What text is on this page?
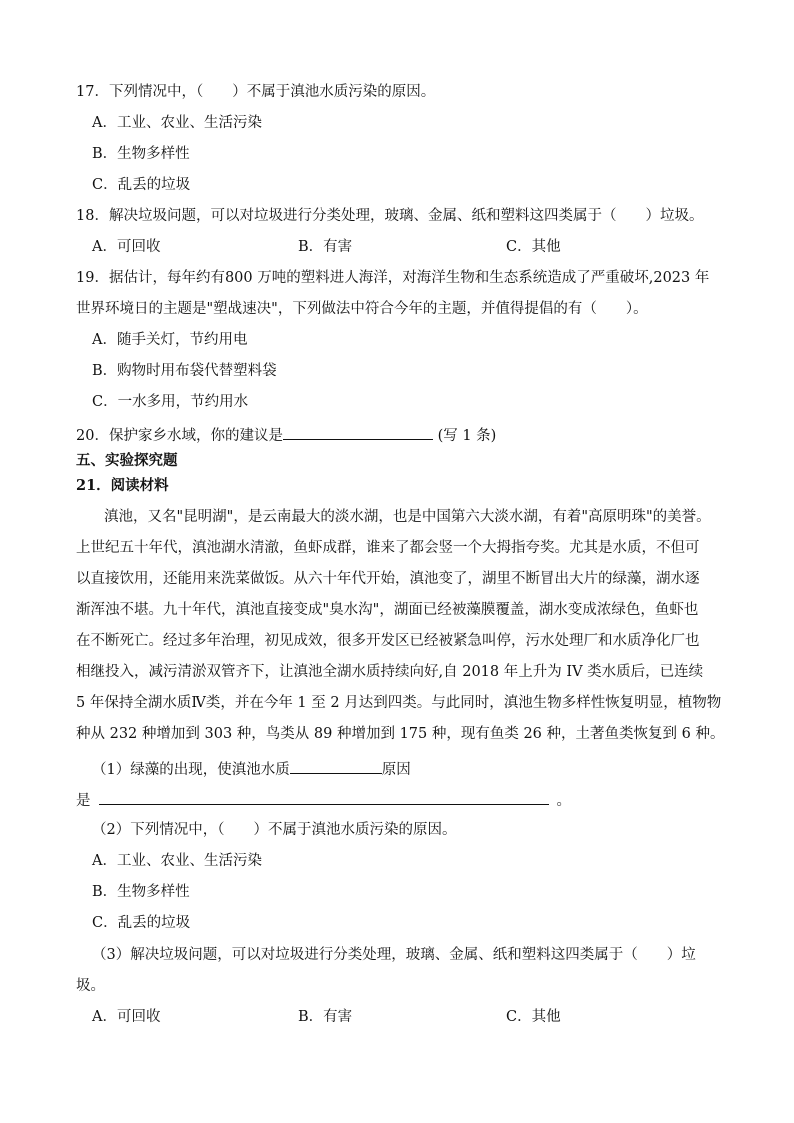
17．下列情况中，（　　）不属于滇池水质污染的原因。
A．工业、农业、生活污染
B．生物多样性
C．乱丢的垃圾
18．解决垃圾问题，可以对垃圾进行分类处理，玻璃、金属、纸和塑料这四类属于（　　）垃圾。
A．可回收	B．有害	C．其他
19．据估计，每年约有800 万吨的塑料进人海洋，对海洋生物和生态系统造成了严重破坏,2023 年
世界环境日的主题是"塑战速决"，下列做法中符合今年的主题，并值得提倡的有（　　）。
A．随手关灯，节约用电
B．购物时用布袋代替塑料袋
C．一水多用，节约用水
20．保护家乡水域，你的建议是	(写 1 条)
五、实验探究题
21．阅读材料
滇池，又名"昆明湖"，是云南最大的淡水湖，也是中国第六大淡水湖，有着"高原明珠"的美誉。
上世纪五十年代，滇池湖水清澈，鱼虾成群，谁来了都会竖一个大拇指夸奖。尤其是水质，不但可
以直接饮用，还能用来洗菜做饭。从六十年代开始，滇池变了，湖里不断冒出大片的绿藻，湖水逐
渐浑浊不堪。九十年代，滇池直接变成"臭水沟"，湖面已经被藻膜覆盖，湖水变成浓绿色，鱼虾也
在不断死亡。经过多年治理，初见成效，很多开发区已经被紧急叫停，污水处理厂和水质净化厂也
相继投入，减污清淤双管齐下，让滇池全湖水质持续向好,自 2018 年上升为 IV 类水质后，已连续
5 年保持全湖水质Ⅳ类，并在今年 1 至 2 月达到四类。与此同时，滇池生物多样性恢复明显，植物物
种从 232 种增加到 303 种，鸟类从 89 种增加到 175 种，现有鱼类 26 种，土著鱼类恢复到 6 种。
（1）绿藻的出现，使滇池水质	原因
是	。
（2）下列情况中，（　　）不属于滇池水质污染的原因。
A．工业、农业、生活污染
B．生物多样性
C．乱丢的垃圾
（3）解决垃圾问题，可以对垃圾进行分类处理，玻璃、金属、纸和塑料这四类属于（　　）垃
圾。
A．可回收	B．有害	C．其他
